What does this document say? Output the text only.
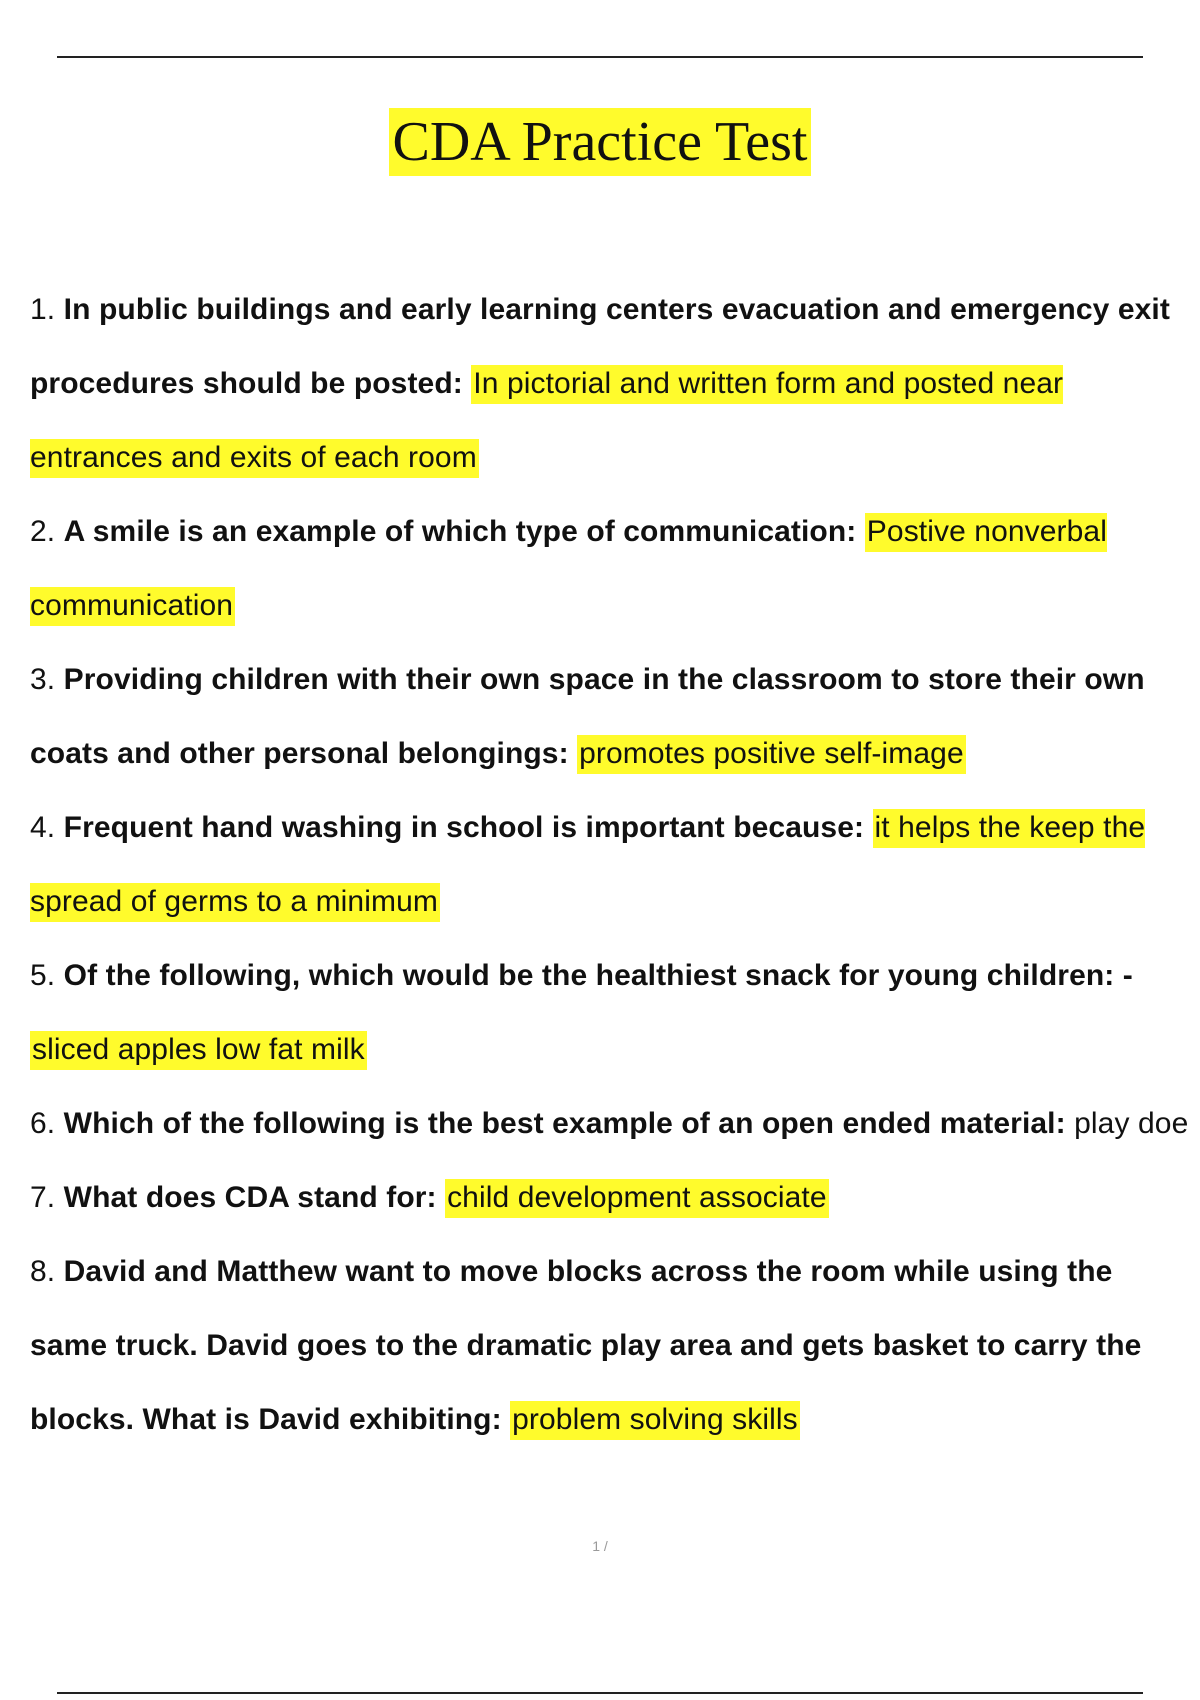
CDA Practice Test

1. In public buildings and early learning centers evacuation and emergency exit procedures should be posted: In pictorial and written form and posted near entrances and exits of each room

2. A smile is an example of which type of communication: Postive nonverbal communication

3. Providing children with their own space in the classroom to store their own coats and other personal belongings: promotes positive self-image

4. Frequent hand washing in school is important because: it helps the keep the spread of germs to a minimum

5. Of the following, which would be the healthiest snack for young children: - sliced apples low fat milk

6. Which of the following is the best example of an open ended material: play doe

7. What does CDA stand for: child development associate

8. David and Matthew want to move blocks across the room while using the same truck. David goes to the dramatic play area and gets basket to carry the blocks. What is David exhibiting: problem solving skills

1 /
